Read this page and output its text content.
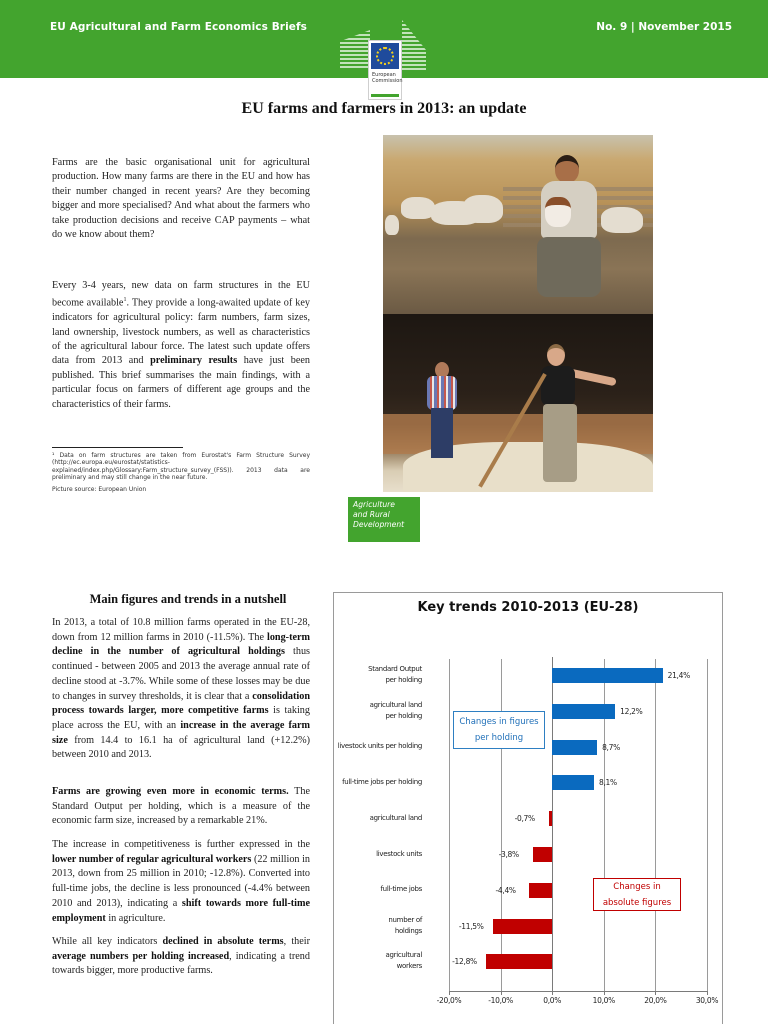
EU Agricultural and Farm Economics Briefs	No. 9 | November 2015
European
Commission
EU farms and farmers in 2013: an update
Farms are the basic organisational unit for agricultural production. How many farms are there in the EU and how has their number changed in recent years? Are they becoming bigger and more specialised? And what about the farmers who take production decisions and receive CAP payments – what do we know about them?
Every 3-4 years, new data on farm structures in the EU become available$^1$. They provide a long-awaited update of key indicators for agricultural policy: farm numbers, farm sizes, land ownership, livestock numbers, as well as characteristics of the agricultural labour force. The latest such update offers data from 2013 and preliminary results have just been published. This brief summarises the main findings, with a particular focus on farmers of different age groups and the characteristics of their farms.
¹ Data on farm structures are taken from Eurostat's Farm Structure Survey (http://ec.europa.eu/eurostat/statistics-explained/index.php/Glossary:Farm_structure_survey_(FSS)). 2013 data are preliminary and may still change in the near future.
Picture source: European Union
Agriculture
and Rural
Development
Main figures and trends in a nutshell
In 2013, a total of 10.8 million farms operated in the EU-28, down from 12 million farms in 2010 (-11.5%). The long-term decline in the number of agricultural holdings thus continued - between 2005 and 2013 the average annual rate of decline stood at -3.7%. While some of these losses may be due to changes in survey thresholds, it is clear that a consolidation process towards larger, more competitive farms is taking place across the EU, with an increase in the average farm size from 14.4 to 16.1 ha of agricultural land (+12.2%) between 2010 and 2013.
Farms are growing even more in economic terms. The Standard Output per holding, which is a measure of the economic farm size, increased by a remarkable 21%.
The increase in competitiveness is further expressed in the lower number of regular agricultural workers (22 million in 2013, down from 25 million in 2010; -12.8%). Converted into full-time jobs, the decline is less pronounced (-4.4% between 2010 and 2013), indicating a shift towards more full-time employment in agriculture.
While all key indicators declined in absolute terms, their average numbers per holding increased, indicating a trend towards bigger, more productive farms.
Key trends 2010-2013 (EU-28)
-20,0%	-10,0%	0,0%	10,0%	20,0%	30,0%
21,4%
Standard Output
per holding
12,2%
agricultural land
per holding
8,7%
livestock units per holding
8,1%
full-time jobs per holding
-0,7%
agricultural land
-3,8%
livestock units
-4,4%
full-time jobs
-11,5%
number of
holdings
-12,8%
agricultural
workers
Changes in figures per holding
Changes in absolute figures
